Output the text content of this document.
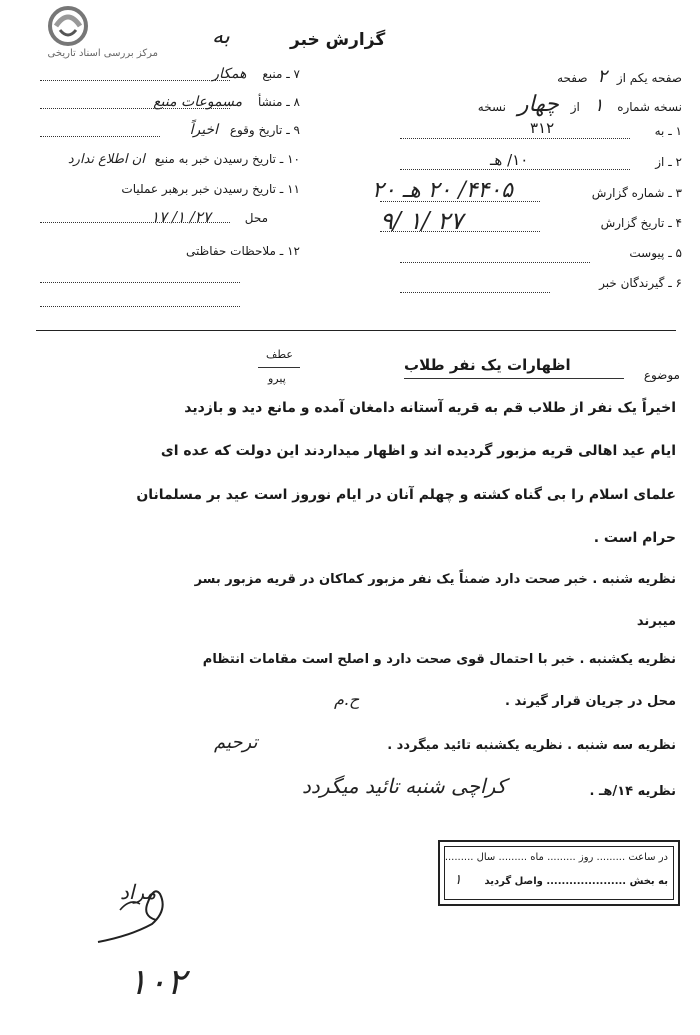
مرکز بررسی اسناد تاریخی
گزارش خبر
به
صفحه یکم از ۲ صفحه
نسخه شماره ۱ از چهار نسخه
۱ ـ به
۳۱۲
۲ ـ از
۱۰/ هـ
۳ ـ شماره گزارش
۴۴۰۵/ ۲۰ هـ ۲۰
۴ ـ تاریخ گزارش
۹/ ۱/ ۲۷
۵ ـ پیوست
۶ ـ گیرندگان خبر
۷ ـ منبع همکار
۸ ـ منشأ مسموعات منبع
۹ ـ تاریخ وقوع اخیراً
۱۰ ـ تاریخ رسیدن خبر به منبع ان اطلاع ندارد
۱۱ ـ تاریخ رسیدن خبر برهبر عملیات
محل ۲۷/ ۱/ ۱۷
۱۲ ـ ملاحظات حفاظتی
موضوع
اظهارات یک نفر طلاب
عطف
پیرو
اخیراً یک نفر از طلاب قم به قریه آستانه دامغان آمده و مانع دید و بازدید
ایام عید اهالی قریه مزبور گردیده اند و اظهار میداردند این دولت که عده ای
علمای اسلام را بی گناه کشته و چهلم آنان در ایام نوروز است عید بر مسلمانان
حرام است .
نظریه شنبه . خبر صحت دارد ضمناً یک نفر مزبور کماکان در قریه مزبور بسر
میبرند
نظریه یکشنبه . خبر با احتمال قوی صحت دارد و اصلح است مقامات انتظام
محل در جریان قرار گیرند .
ح.م
نظریه سه شنبه . نظریه یکشنبه تائید میگردد .
ترحیم
نظریه ۱۴/هـ .
کراچی شنبه تائید میگردد
در ساعت ......... روز ......... ماه ......... سال .........
به بخش ..................... واصل گردید
۱
مراد
۱۰۲
